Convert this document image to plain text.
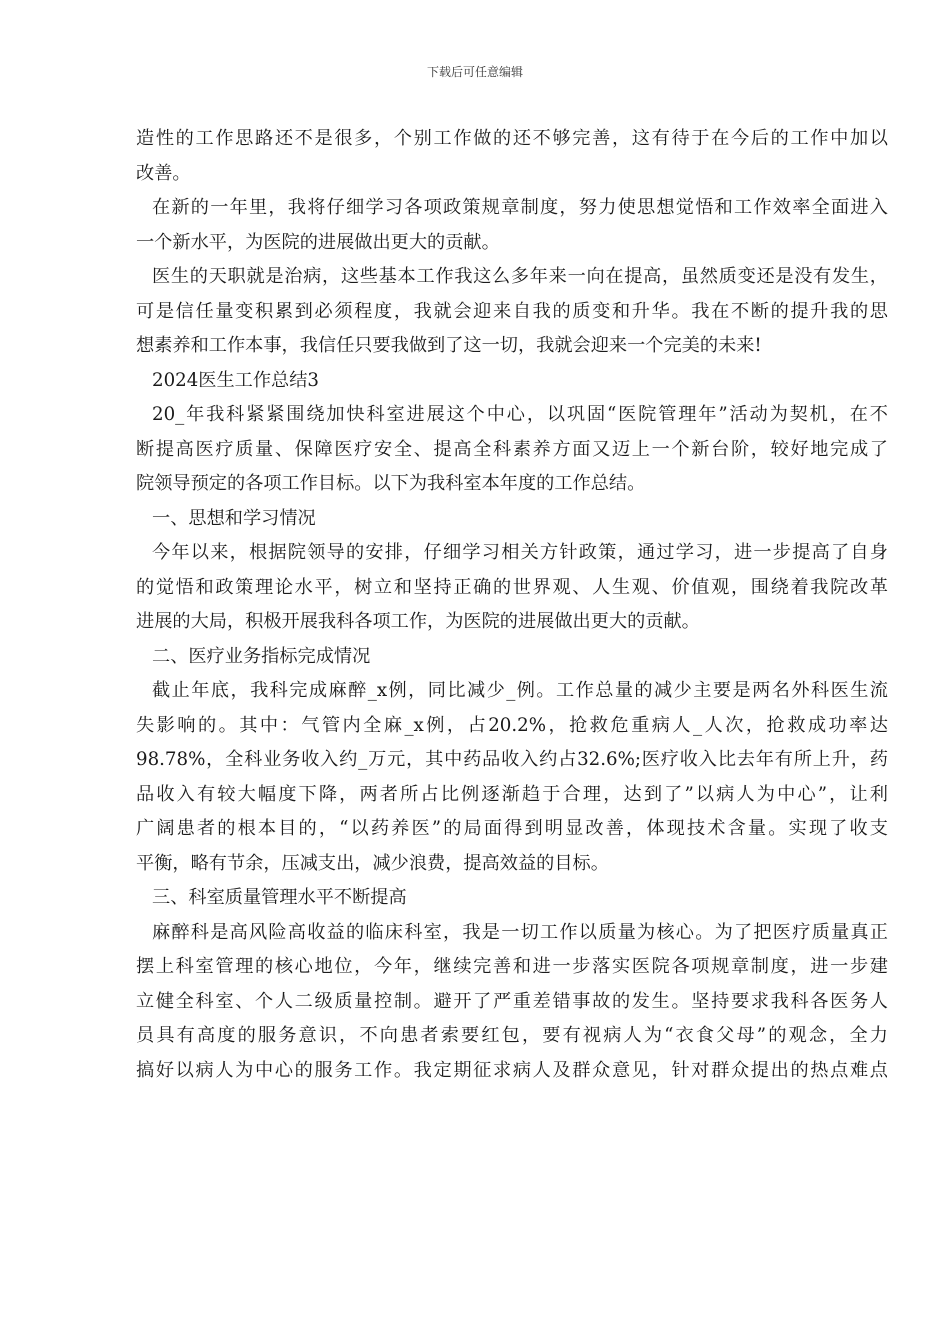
下载后可任意编辑
造性的工作思路还不是很多，个别工作做的还不够完善，这有待于在今后的工作中加以
改善。
在新的一年里，我将仔细学习各项政策规章制度，努力使思想觉悟和工作效率全面进入
一个新水平，为医院的进展做出更大的贡献。
医生的天职就是治病，这些基本工作我这么多年来一向在提高，虽然质变还是没有发生，
可是信任量变积累到必须程度，我就会迎来自我的质变和升华。我在不断的提升我的思
想素养和工作本事，我信任只要我做到了这一切，我就会迎来一个完美的未来!
2024医生工作总结3
20_年我科紧紧围绕加快科室进展这个中心，以巩固“医院管理年”活动为契机，在不
断提高医疗质量、保障医疗安全、提高全科素养方面又迈上一个新台阶，较好地完成了
院领导预定的各项工作目标。以下为我科室本年度的工作总结。
一、思想和学习情况
今年以来，根据院领导的安排，仔细学习相关方针政策，通过学习，进一步提高了自身
的觉悟和政策理论水平，树立和坚持正确的世界观、人生观、价值观，围绕着我院改革
进展的大局，积极开展我科各项工作，为医院的进展做出更大的贡献。
二、医疗业务指标完成情况
截止年底，我科完成麻醉_x例，同比减少_例。工作总量的减少主要是两名外科医生流
失影响的。其中：气管内全麻_x例，占20.2%，抢救危重病人_人次，抢救成功率达
98.78%，全科业务收入约_万元，其中药品收入约占32.6%;医疗收入比去年有所上升，药
品收入有较大幅度下降，两者所占比例逐渐趋于合理，达到了”以病人为中心”，让利
广阔患者的根本目的，“以药养医”的局面得到明显改善，体现技术含量。实现了收支
平衡，略有节余，压减支出，减少浪费，提高效益的目标。
三、科室质量管理水平不断提高
麻醉科是高风险高收益的临床科室，我是一切工作以质量为核心。为了把医疗质量真正
摆上科室管理的核心地位，今年，继续完善和进一步落实医院各项规章制度，进一步建
立健全科室、个人二级质量控制。避开了严重差错事故的发生。坚持要求我科各医务人
员具有高度的服务意识，不向患者索要红包，要有视病人为“衣食父母”的观念，全力
搞好以病人为中心的服务工作。我定期征求病人及群众意见，针对群众提出的热点难点
